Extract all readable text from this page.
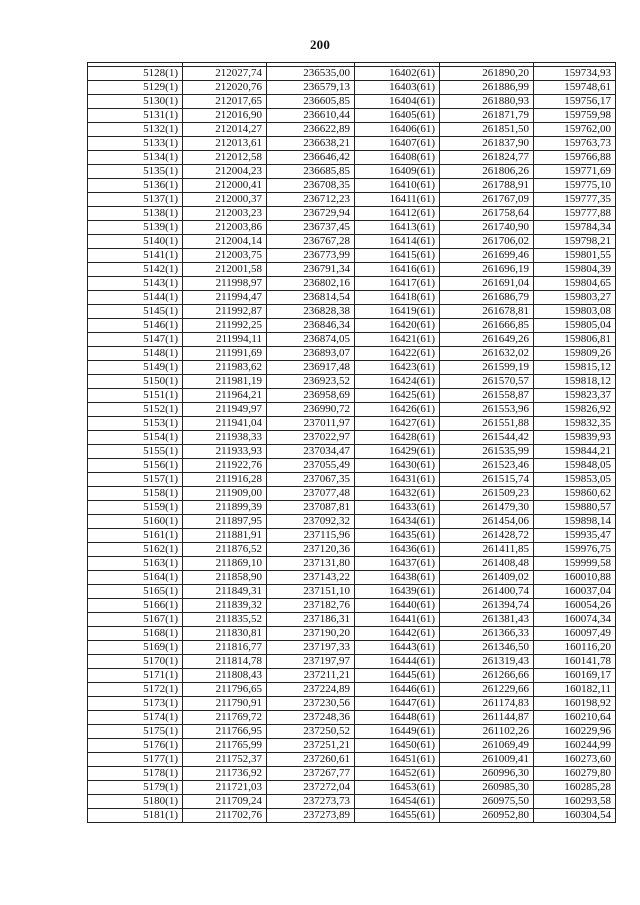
200

5128(1)	212027,74	236535,00	16402(61)	261890,20	159734,93
5129(1)	212020,76	236579,13	16403(61)	261886,99	159748,61
5130(1)	212017,65	236605,85	16404(61)	261880,93	159756,17
5131(1)	212016,90	236610,44	16405(61)	261871,79	159759,98
5132(1)	212014,27	236622,89	16406(61)	261851,50	159762,00
5133(1)	212013,61	236638,21	16407(61)	261837,90	159763,73
5134(1)	212012,58	236646,42	16408(61)	261824,77	159766,88
5135(1)	212004,23	236685,85	16409(61)	261806,26	159771,69
5136(1)	212000,41	236708,35	16410(61)	261788,91	159775,10
5137(1)	212000,37	236712,23	16411(61)	261767,09	159777,35
5138(1)	212003,23	236729,94	16412(61)	261758,64	159777,88
5139(1)	212003,86	236737,45	16413(61)	261740,90	159784,34
5140(1)	212004,14	236767,28	16414(61)	261706,02	159798,21
5141(1)	212003,75	236773,99	16415(61)	261699,46	159801,55
5142(1)	212001,58	236791,34	16416(61)	261696,19	159804,39
5143(1)	211998,97	236802,16	16417(61)	261691,04	159804,65
5144(1)	211994,47	236814,54	16418(61)	261686,79	159803,27
5145(1)	211992,87	236828,38	16419(61)	261678,81	159803,08
5146(1)	211992,25	236846,34	16420(61)	261666,85	159805,04
5147(1)	211994,11	236874,05	16421(61)	261649,26	159806,81
5148(1)	211991,69	236893,07	16422(61)	261632,02	159809,26
5149(1)	211983,62	236917,48	16423(61)	261599,19	159815,12
5150(1)	211981,19	236923,52	16424(61)	261570,57	159818,12
5151(1)	211964,21	236958,69	16425(61)	261558,87	159823,37
5152(1)	211949,97	236990,72	16426(61)	261553,96	159826,92
5153(1)	211941,04	237011,97	16427(61)	261551,88	159832,35
5154(1)	211938,33	237022,97	16428(61)	261544,42	159839,93
5155(1)	211933,93	237034,47	16429(61)	261535,99	159844,21
5156(1)	211922,76	237055,49	16430(61)	261523,46	159848,05
5157(1)	211916,28	237067,35	16431(61)	261515,74	159853,05
5158(1)	211909,00	237077,48	16432(61)	261509,23	159860,62
5159(1)	211899,39	237087,81	16433(61)	261479,30	159880,57
5160(1)	211897,95	237092,32	16434(61)	261454,06	159898,14
5161(1)	211881,91	237115,96	16435(61)	261428,72	159935,47
5162(1)	211876,52	237120,36	16436(61)	261411,85	159976,75
5163(1)	211869,10	237131,80	16437(61)	261408,48	159999,58
5164(1)	211858,90	237143,22	16438(61)	261409,02	160010,88
5165(1)	211849,31	237151,10	16439(61)	261400,74	160037,04
5166(1)	211839,32	237182,76	16440(61)	261394,74	160054,26
5167(1)	211835,52	237186,31	16441(61)	261381,43	160074,34
5168(1)	211830,81	237190,20	16442(61)	261366,33	160097,49
5169(1)	211816,77	237197,33	16443(61)	261346,50	160116,20
5170(1)	211814,78	237197,97	16444(61)	261319,43	160141,78
5171(1)	211808,43	237211,21	16445(61)	261266,66	160169,17
5172(1)	211796,65	237224,89	16446(61)	261229,66	160182,11
5173(1)	211790,91	237230,56	16447(61)	261174,83	160198,92
5174(1)	211769,72	237248,36	16448(61)	261144,87	160210,64
5175(1)	211766,95	237250,52	16449(61)	261102,26	160229,96
5176(1)	211765,99	237251,21	16450(61)	261069,49	160244,99
5177(1)	211752,37	237260,61	16451(61)	261009,41	160273,60
5178(1)	211736,92	237267,77	16452(61)	260996,30	160279,80
5179(1)	211721,03	237272,04	16453(61)	260985,30	160285,28
5180(1)	211709,24	237273,73	16454(61)	260975,50	160293,58
5181(1)	211702,76	237273,89	16455(61)	260952,80	160304,54
